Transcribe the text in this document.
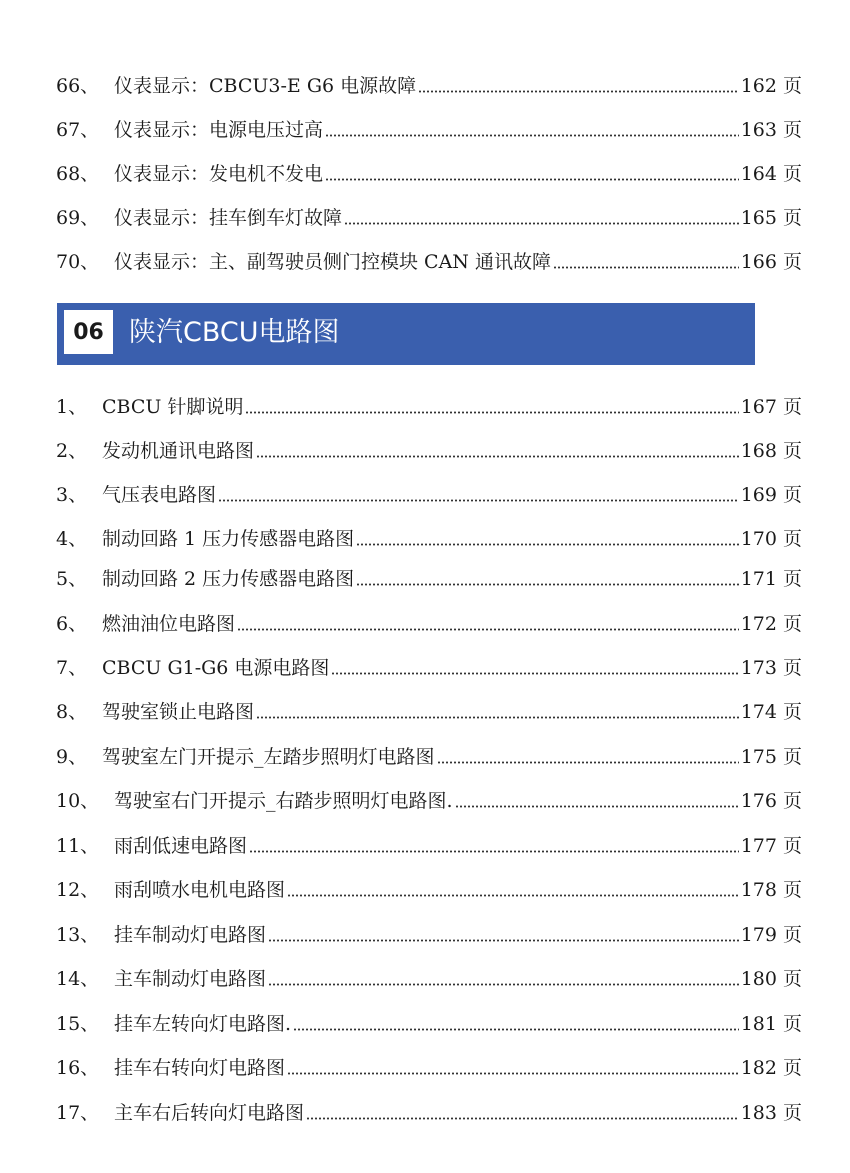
66、 仪表显示：CBCU3-E G6 电源故障	162 页
67、 仪表显示：电源电压过高	163 页
68、 仪表显示：发电机不发电	164 页
69、 仪表显示：挂车倒车灯故障	165 页
70、 仪表显示：主、副驾驶员侧门控模块 CAN 通讯故障	166 页
06 陕汽CBCU电路图
1、 CBCU 针脚说明	167 页
2、 发动机通讯电路图	168 页
3、 气压表电路图	169 页
4、 制动回路 1 压力传感器电路图	170 页
5、 制动回路 2 压力传感器电路图	171 页
6、 燃油油位电路图	172 页
7、 CBCU G1-G6 电源电路图	173 页
8、 驾驶室锁止电路图	174 页
9、 驾驶室左门开提示_左踏步照明灯电路图	175 页
10、 驾驶室右门开提示_右踏步照明灯电路图.	176 页
11、 雨刮低速电路图	177 页
12、 雨刮喷水电机电路图	178 页
13、 挂车制动灯电路图	179 页
14、 主车制动灯电路图	180 页
15、 挂车左转向灯电路图.	181 页
16、 挂车右转向灯电路图	182 页
17、 主车右后转向灯电路图	183 页
